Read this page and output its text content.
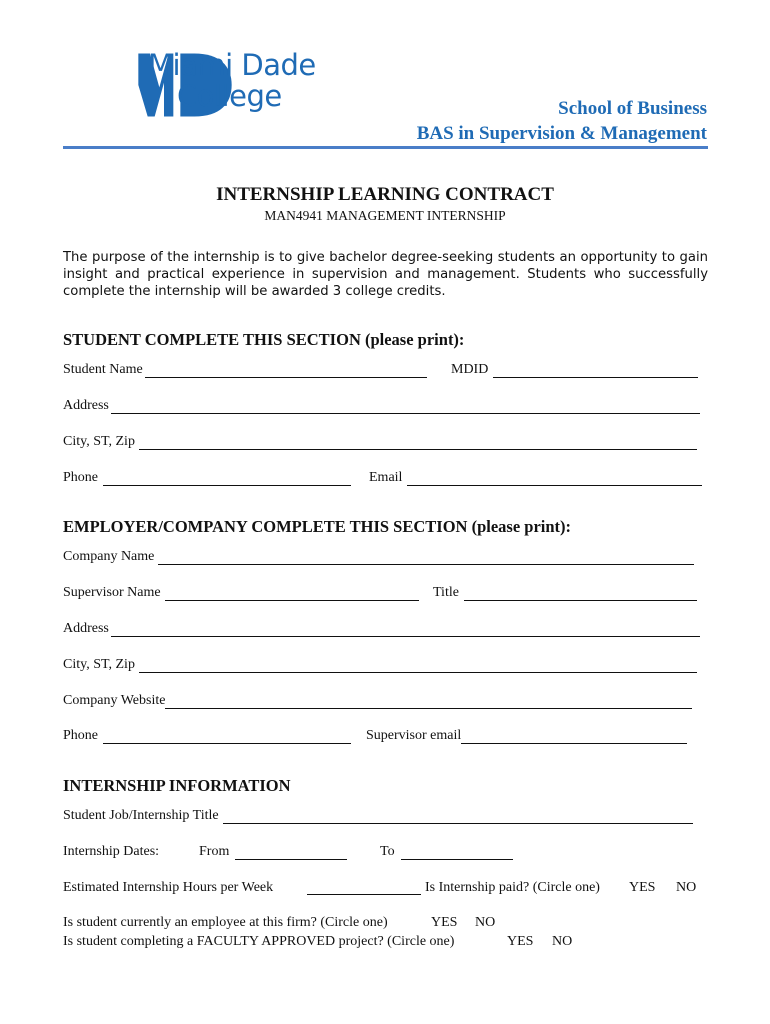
Miami Dade
College	School of Business
BAS in Supervision & Management
INTERNSHIP LEARNING CONTRACT
MAN4941 MANAGEMENT INTERNSHIP
The purpose of the internship is to give bachelor degree-seeking students an opportunity to gain insight and practical experience in supervision and management. Students who successfully complete the internship will be awarded 3 college credits.
STUDENT COMPLETE THIS SECTION (please print):
Student Name	MDID
Address
City, ST, Zip
Phone	Email
EMPLOYER/COMPANY COMPLETE THIS SECTION (please print):
Company Name
Supervisor Name	Title
Address
City, ST, Zip
Company Website
Phone	Supervisor email
INTERNSHIP INFORMATION
Student Job/Internship Title
Internship Dates:	From	To
Estimated Internship Hours per Week	Is Internship paid? (Circle one) YES NO
Is student currently an employee at this firm? (Circle one)	YES NO
Is student completing a FACULTY APPROVED project? (Circle one)	YES NO
